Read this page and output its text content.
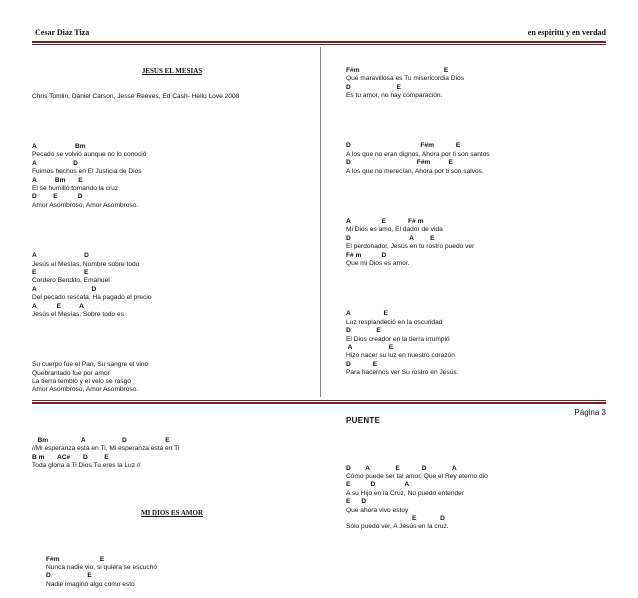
Cesar Diaz Tiza	en espiritu y en verdad

JESUS EL MESIAS

Chris Tomlin, Daniel Carson, Jesse Reeves, Ed Cash- Hello Love 2008

A                     Bm
Pecado se volvió aunque no lo conoció
A                    D
Fuimos hechos en El Justicia de Dios
A          Bm       E
El se humilló tomando la cruz
D         E           D
Amor Asombroso, Amor Asombroso.

A                          D
Jesús el Mesías, Nombre sobre todo
E                          E
Cordero Bendito, Emanuel
A                              D
Del pecado rescata, Ha pagado el precio
A           E          A
Jesús el Mesías, Sobre todo es

Su cuerpo fue el Pan, Su sangre el vino
Quebrantado fue por amor
La tierra tembló y el velo se rasgó
Amor Asombroso, Amor Asombroso.

Bm                  A                    D                     E
//Mi esperanza está en Ti, Mi esperanza está en Ti
B m       AC#       D         E
Toda gloria a Ti Dios Tu eres la Luz //

MI DIOS ES AMOR

F#m                      E
Nunca nadie vio, si quiera se escuchó
D                    E
Nadie imaginó algo como esto

F#m                                              E
Qué maravillosa es Tu misericordia Dios
D                         E
Es tu amor, no hay comparación.

D                                      F#m            E
A los que no eran dignos, Ahora por ti son santos
D                                    F#m          E
A los que no merecían, Ahora por ti son salvos.

A                 E            F# m
Mi Dios es amo, El dador de vida
D                                A         E
El perdonador, Jesús en tu rostro puedo ver
F# m           D
Que mi Dios es amor.

A                  E
Luz resplandeció en la oscuridad
D              E
El Dios creador en la tierra irrumpió
A                    E
Hizo nacer su luz en nuestro corazón
D            E
Para hacernos ver Su rostro en Jesús.

PUENTE

D        A              E            D              A
Cómo puede ser tal amor, Que el Rey eterno dio
E           D                A
A su Hijo en la Cruz, No puedo entender
E      D
Que ahora vivo estoy
E             D
Sólo puedo ver, A Jesús en la cruz.

Página 3
